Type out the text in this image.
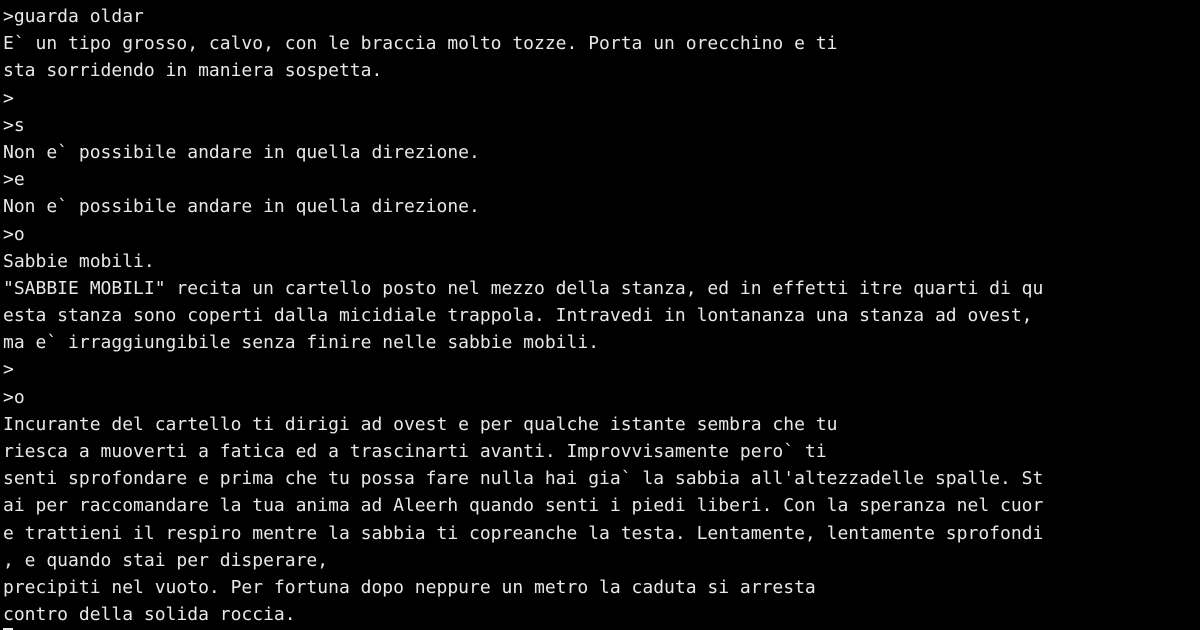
>guarda oldar
E` un tipo grosso, calvo, con le braccia molto tozze. Porta un orecchino e ti
sta sorridendo in maniera sospetta.
>
>s
Non e` possibile andare in quella direzione.
>e
Non e` possibile andare in quella direzione.
>o
Sabbie mobili.
"SABBIE MOBILI" recita un cartello posto nel mezzo della stanza, ed in effetti itre quarti di qu
esta stanza sono coperti dalla micidiale trappola. Intravedi in lontananza una stanza ad ovest,
ma e` irraggiungibile senza finire nelle sabbie mobili.
>
>o
Incurante del cartello ti dirigi ad ovest e per qualche istante sembra che tu
riesca a muoverti a fatica ed a trascinarti avanti. Improvvisamente pero` ti
senti sprofondare e prima che tu possa fare nulla hai gia` la sabbia all'altezzadelle spalle. St
ai per raccomandare la tua anima ad Aleerh quando senti i piedi liberi. Con la speranza nel cuor
e trattieni il respiro mentre la sabbia ti copreanche la testa. Lentamente, lentamente sprofondi
, e quando stai per disperare,
precipiti nel vuoto. Per fortuna dopo neppure un metro la caduta si arresta
contro della solida roccia.
